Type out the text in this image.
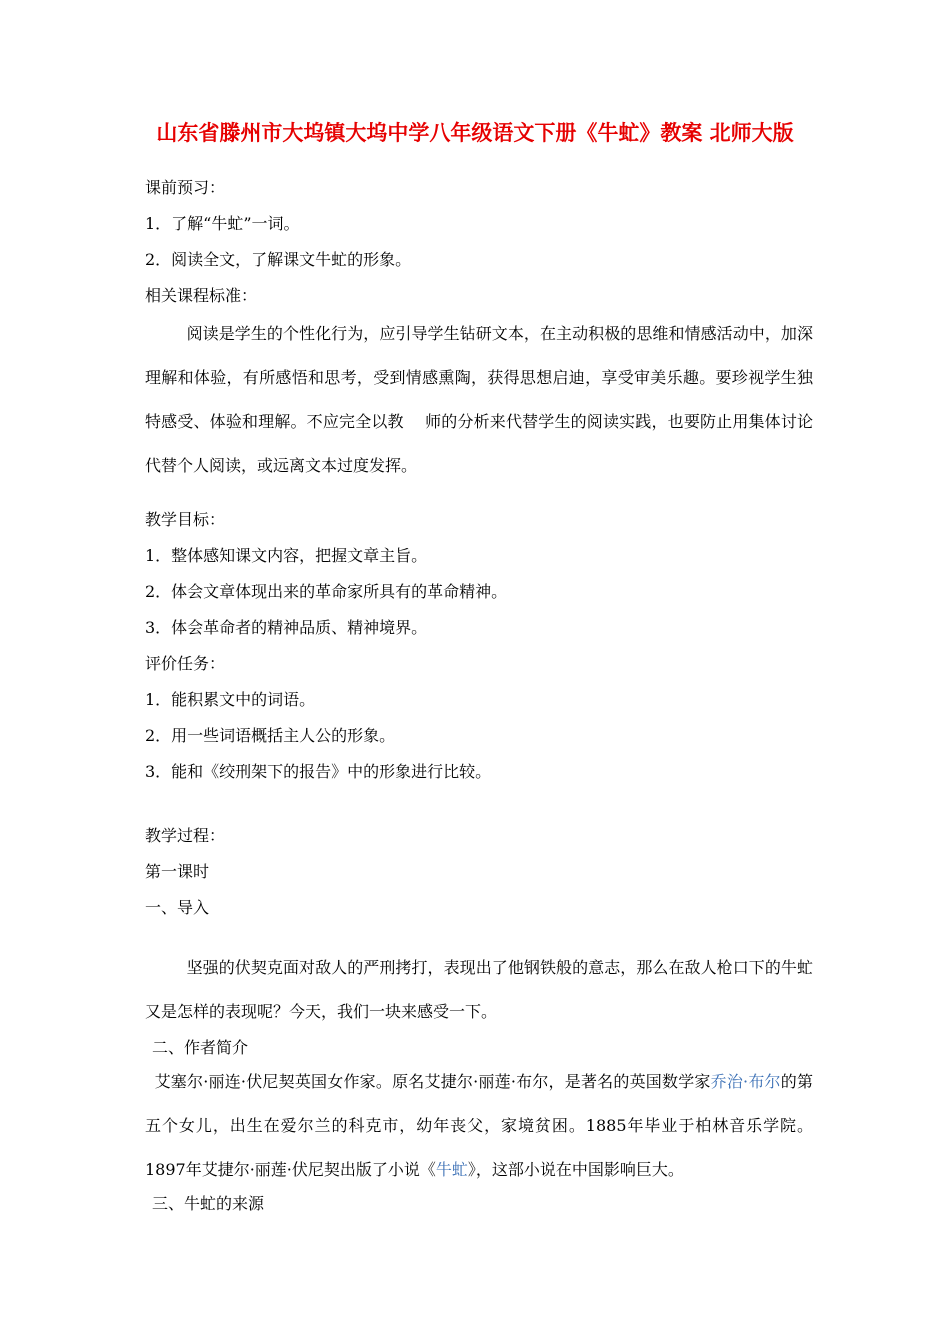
山东省滕州市大坞镇大坞中学八年级语文下册《牛虻》教案 北师大版
课前预习：
1．了解“牛虻”一词。
2．阅读全文，了解课文牛虻的形象。
相关课程标准：
阅读是学生的个性化行为，应引导学生钻研文本，在主动积极的思维和情感活动中，加深理解和体验，有所感悟和思考，受到情感熏陶，获得思想启迪，享受审美乐趣。要珍视学生独特感受、体验和理解。不应完全以教　 师的分析来代替学生的阅读实践，也要防止用集体讨论代替个人阅读，或远离文本过度发挥。
教学目标：
1．整体感知课文内容，把握文章主旨。
2．体会文章体现出来的革命家所具有的革命精神。
3．体会革命者的精神品质、精神境界。
评价任务：
1．能积累文中的词语。
2．用一些词语概括主人公的形象。
3．能和《绞刑架下的报告》中的形象进行比较。
教学过程：
第一课时
一、导入
坚强的伏契克面对敌人的严刑拷打，表现出了他钢铁般的意志，那么在敌人枪口下的牛虻又是怎样的表现呢？今天，我们一块来感受一下。
二、作者简介
艾塞尔·丽连·伏尼契英国女作家。原名艾捷尔·丽莲·布尔，是著名的英国数学家乔治·布尔的第五个女儿，出生在爱尔兰的科克市，幼年丧父，家境贫困。1885年毕业于柏林音乐学院。1897年艾捷尔·丽莲·伏尼契出版了小说《牛虻》，这部小说在中国影响巨大。
三、牛虻的来源
